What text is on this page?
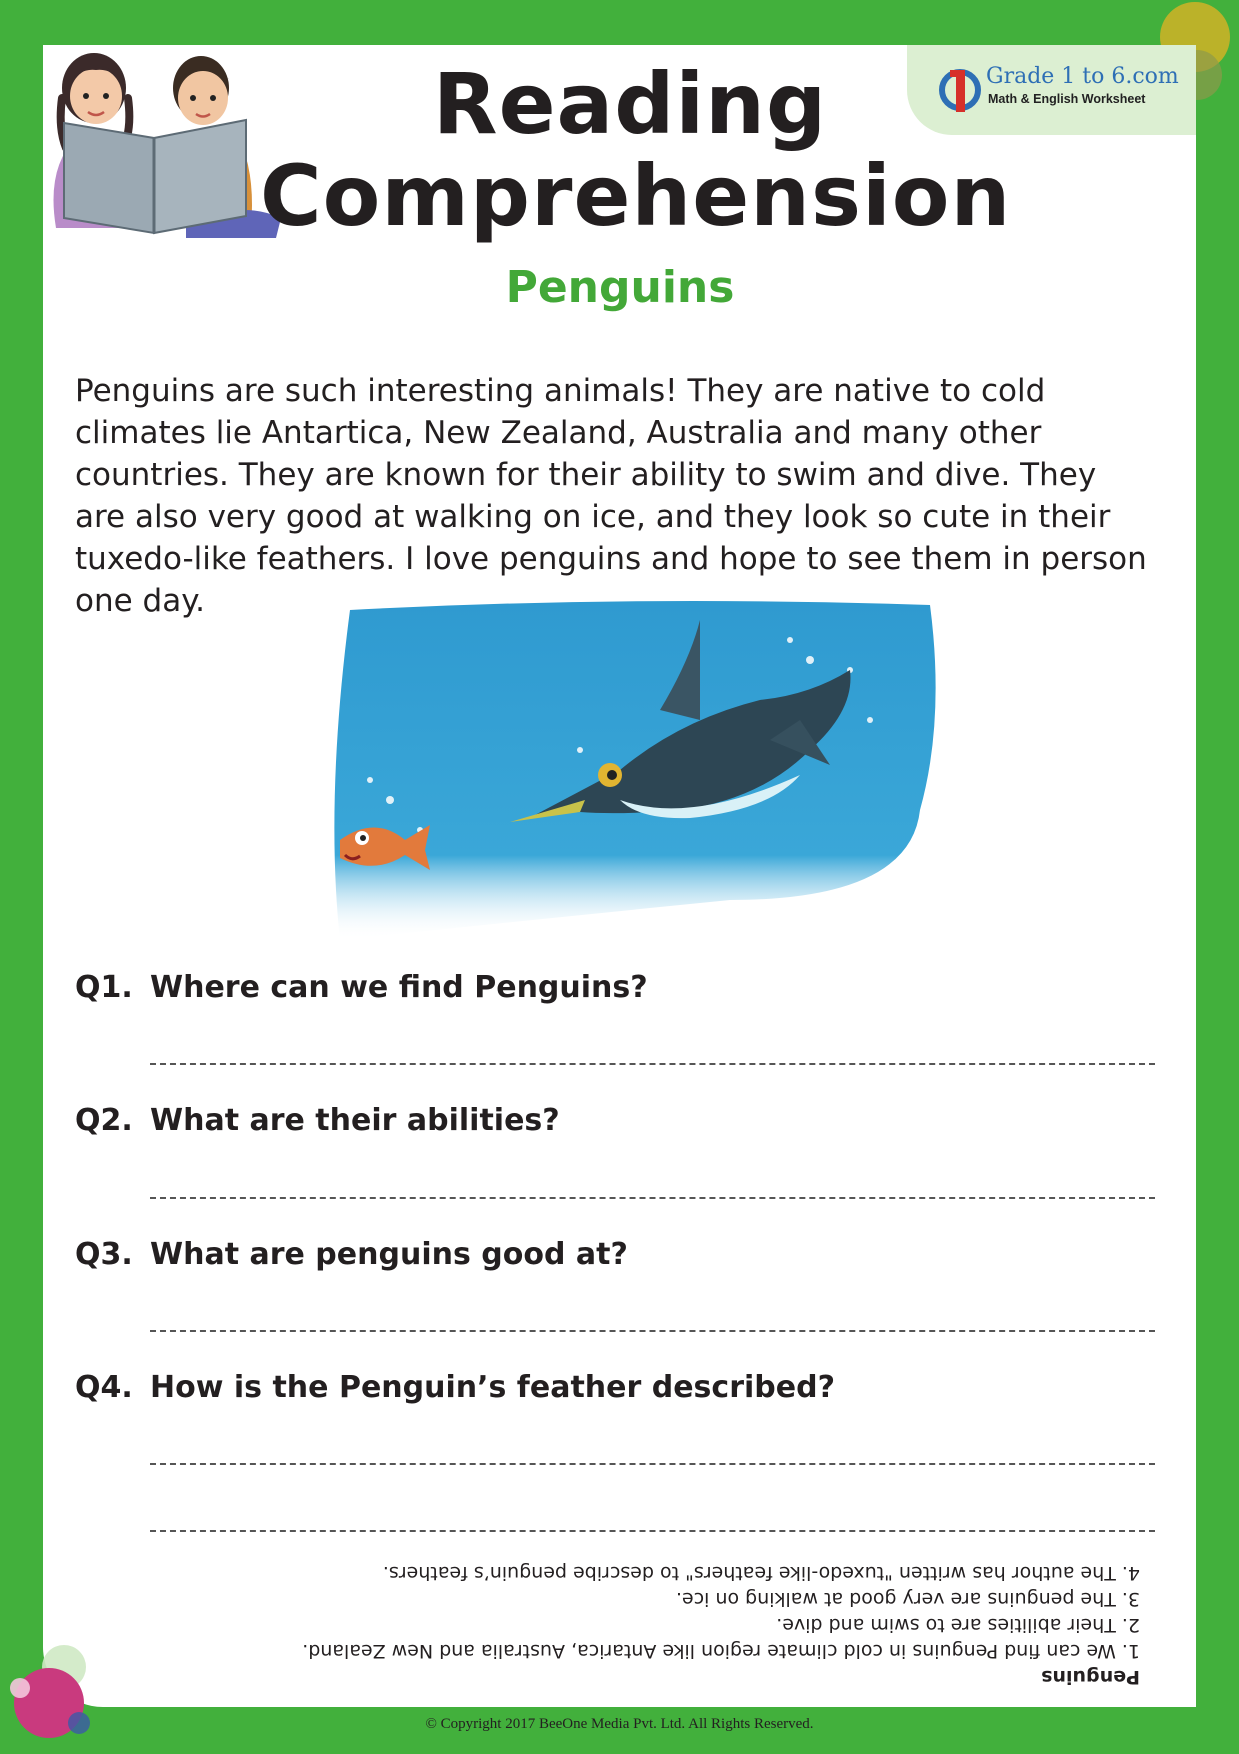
Grade 1 to 6.com
Math & English Worksheet
Reading
Comprehension
Penguins

Penguins are such interesting animals! They are native to cold climates lie Antartica, New Zealand, Australia and many other countries. They are known for their ability to swim and dive. They are also very good at walking on ice, and they look so cute in their tuxedo-like feathers. I love penguins and hope to see them in person one day.

Q1. Where can we find Penguins?

Q2. What are their abilities?

Q3. What are penguins good at?

Q4. How is the Penguin’s feather described?

Penguins

1. We can find Penguins in cold climate region like Antarica, Australia and New Zealand.

2. Their abilities are to swim and dive.

3. The penguins are very good at walking on ice.

4. The author has written "tuxedo-like feathers" to describe penguin’s feathers.

© Copyright 2017 BeeOne Media Pvt. Ltd. All Rights Reserved.
